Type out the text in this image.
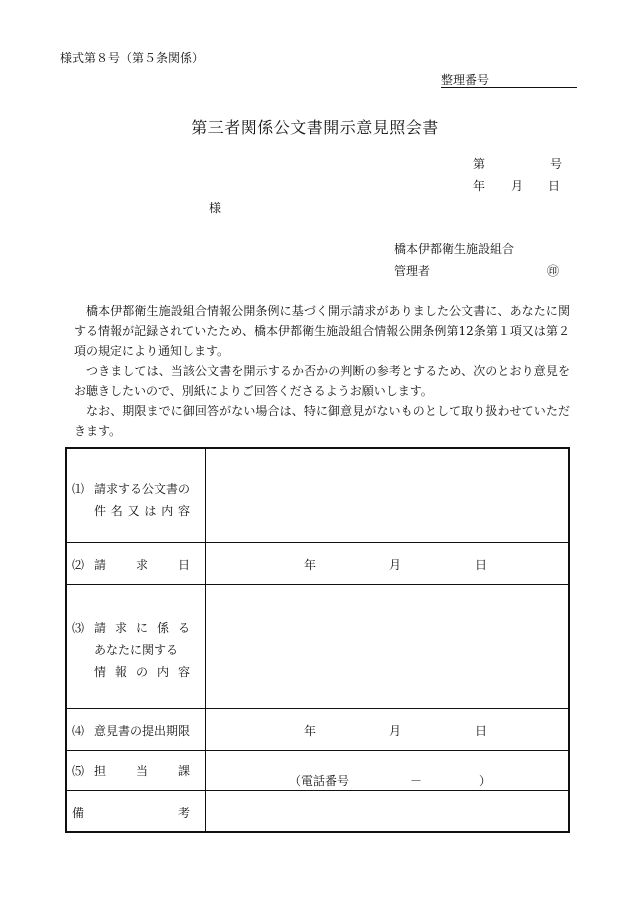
様式第８号（第５条関係）
整理番号
第三者関係公文書開示意見照会書
第	号
年 月 日
様
橋本伊都衛生施設組合
管理者	㊞

橋本伊都衛生施設組合情報公開条例に基づく開示請求がありました公文書に、あなたに関する情報が記録されていたため、橋本伊都衛生施設組合情報公開条例第12条第１項又は第２項の規定により通知します。

つきましては、当該公文書を開示するか否かの判断の参考とするため、次のとおり意見をお聴きしたいので、別紙によりご回答くださるようお願いします。

なお、期限までに御回答がない場合は、特に御意見がないものとして取り扱わせていただきます。

⑴ 請求する公文書の
件 名 又 は 内 容
⑵ 請 求 日	年	月	日
⑶ 請 求 に 係 る
あなたに関する
情 報 の 内 容
⑷ 意見書の提出期限	年	月	日
⑸ 担 当 課
（電話番号	－	）
備	考
